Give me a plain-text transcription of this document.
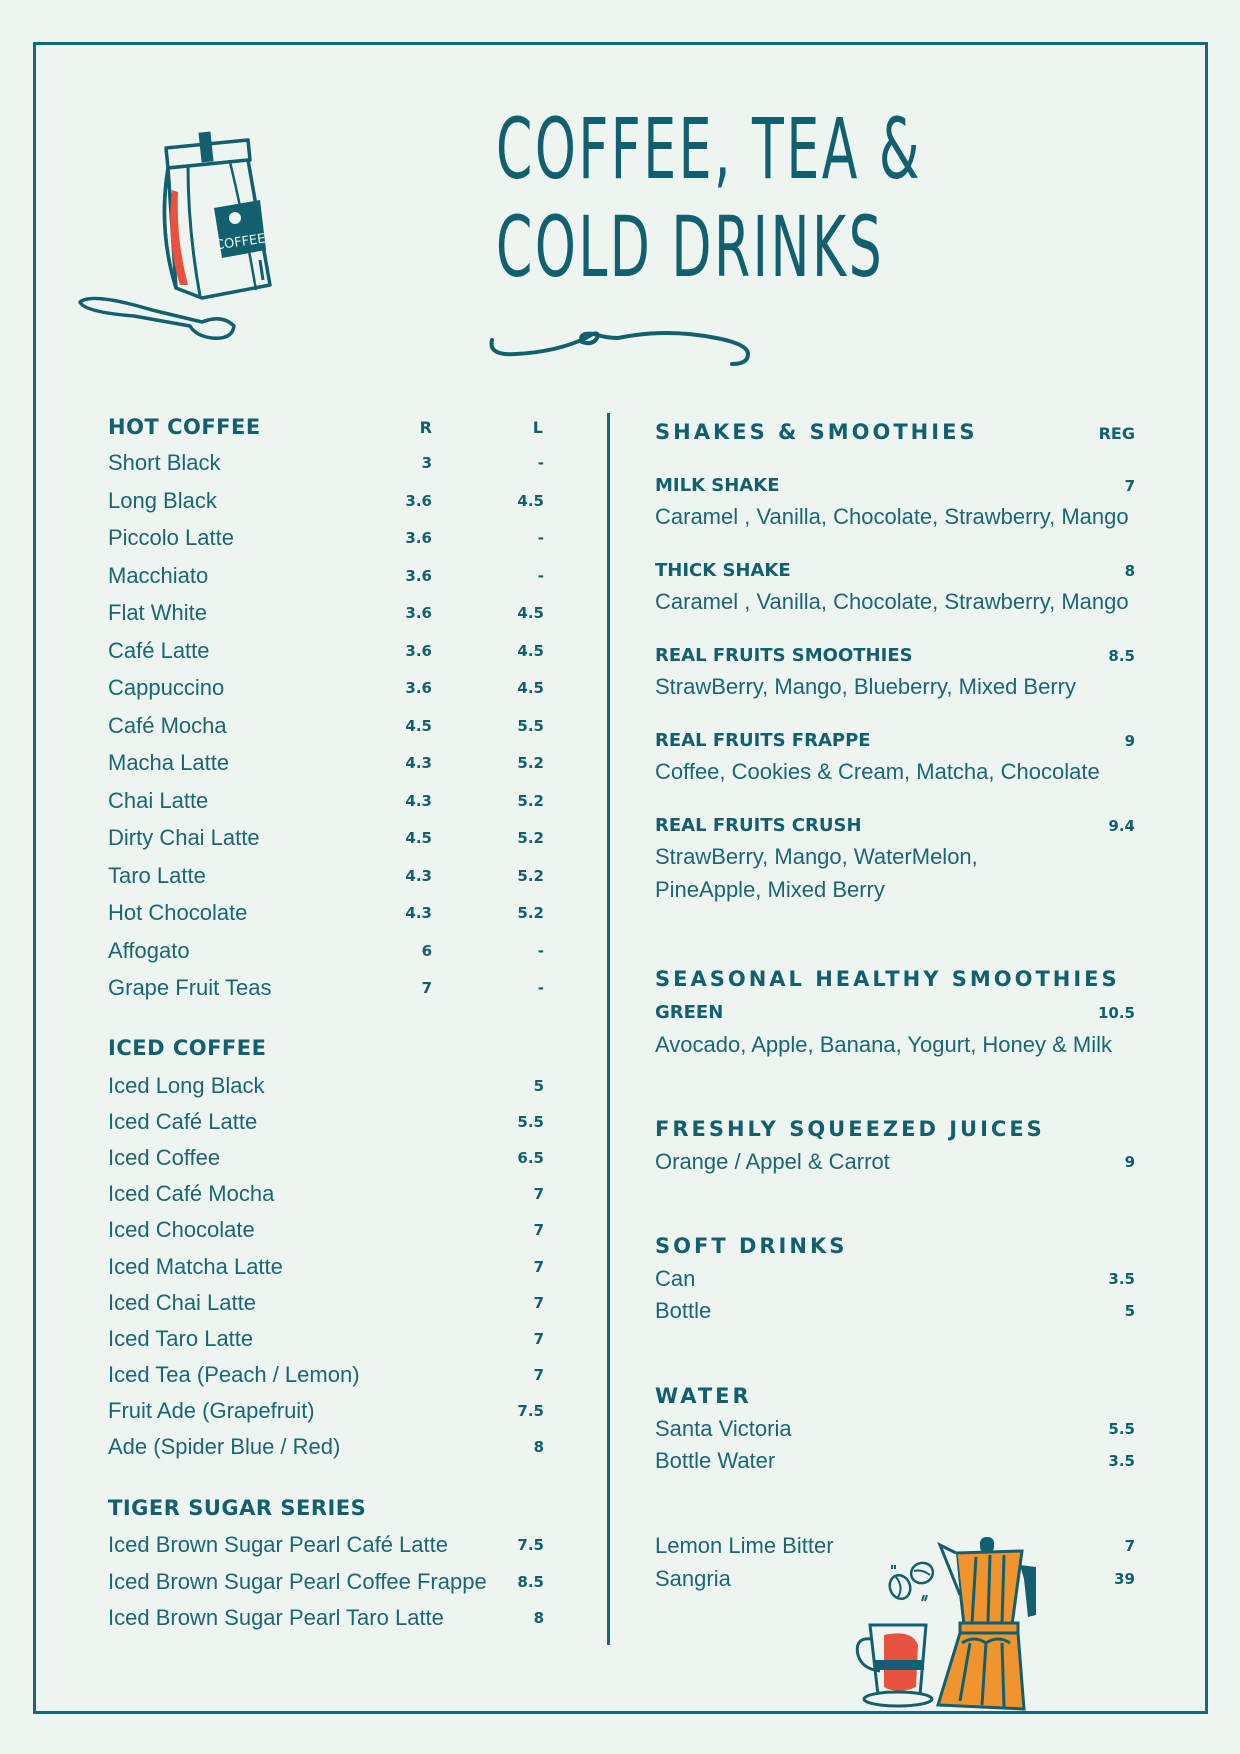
COFFEE
COFFEE, TEA &
COLD DRINKS
HOT COFFEE	R	L
Short Black	3	-
Long Black	3.6	4.5
Piccolo Latte	3.6	-
Macchiato	3.6	-
Flat White	3.6	4.5
Café Latte	3.6	4.5
Cappuccino	3.6	4.5
Café Mocha	4.5	5.5
Macha Latte	4.3	5.2
Chai Latte	4.3	5.2
Dirty Chai Latte	4.5	5.2
Taro Latte	4.3	5.2
Hot Chocolate	4.3	5.2
Affogato	6	-
Grape Fruit Teas	7	-
ICED COFFEE
Iced Long Black	5
Iced Café Latte	5.5
Iced Coffee	6.5
Iced Café Mocha	7
Iced Chocolate	7
Iced Matcha Latte	7
Iced Chai Latte	7
Iced Taro Latte	7
Iced Tea (Peach / Lemon)	7
Fruit Ade (Grapefruit)	7.5
Ade (Spider Blue / Red)	8
TIGER SUGAR SERIES
Iced Brown Sugar Pearl Café Latte	7.5
Iced Brown Sugar Pearl Coffee Frappe	8.5
Iced Brown Sugar Pearl Taro Latte	8
SHAKES & SMOOTHIES	REG
MILK SHAKE	7
Caramel , Vanilla, Chocolate, Strawberry, Mango
THICK SHAKE	8
Caramel , Vanilla, Chocolate, Strawberry, Mango
REAL FRUITS SMOOTHIES	8.5
StrawBerry, Mango, Blueberry, Mixed Berry
REAL FRUITS FRAPPE	9
Coffee, Cookies & Cream, Matcha, Chocolate
REAL FRUITS CRUSH	9.4
StrawBerry, Mango, WaterMelon,
PineApple, Mixed Berry
SEASONAL HEALTHY SMOOTHIES
GREEN	10.5
Avocado, Apple, Banana, Yogurt, Honey & Milk
FRESHLY SQUEEZED JUICES
Orange / Appel & Carrot	9
SOFT DRINKS
Can	3.5
Bottle	5
WATER
Santa Victoria	5.5
Bottle Water	3.5
Lemon Lime Bitter	7
Sangria	39
